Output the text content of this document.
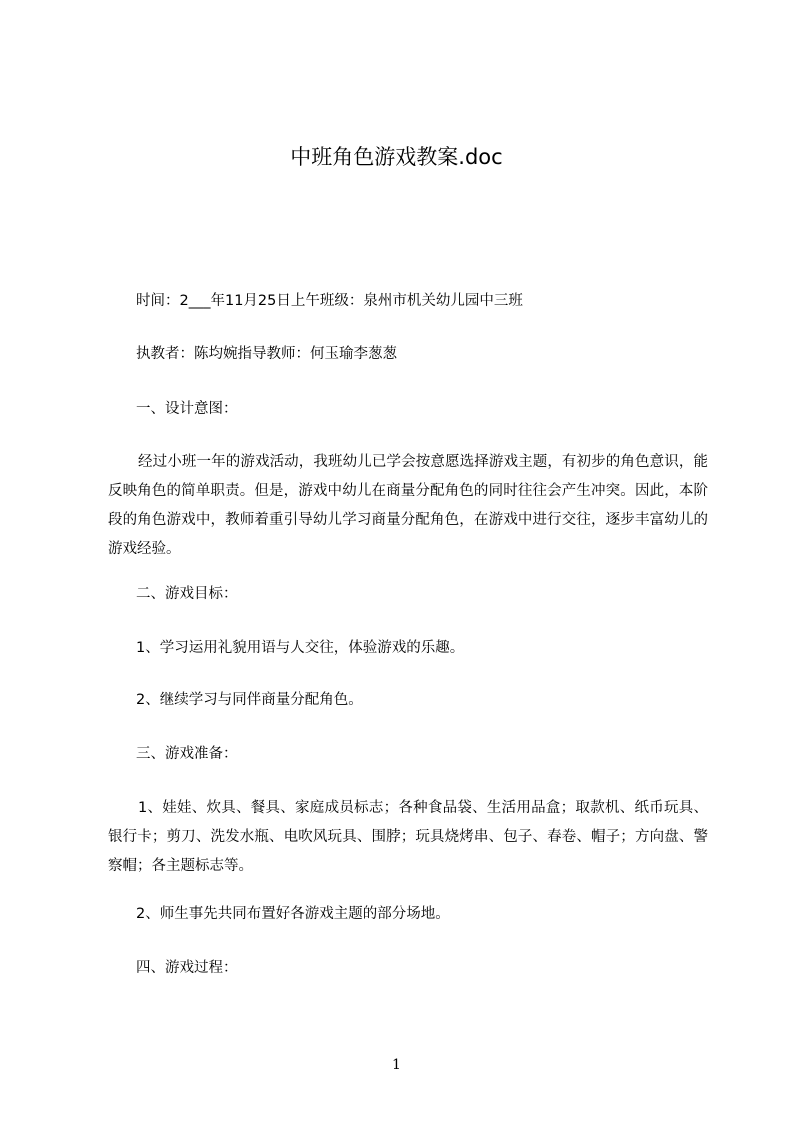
中班角色游戏教案.doc
时间：2___年11月25日上午班级：泉州市机关幼儿园中三班
执教者：陈均婉指导教师：何玉瑜李葱葱
一、设计意图：
经过小班一年的游戏活动，我班幼儿已学会按意愿选择游戏主题，有初步的角色意识，能反映角色的简单职责。但是，游戏中幼儿在商量分配角色的同时往往会产生冲突。因此，本阶段的角色游戏中，教师着重引导幼儿学习商量分配角色，在游戏中进行交往，逐步丰富幼儿的游戏经验。
二、游戏目标：
1、学习运用礼貌用语与人交往，体验游戏的乐趣。
2、继续学习与同伴商量分配角色。
三、游戏准备：
1、娃娃、炊具、餐具、家庭成员标志；各种食品袋、生活用品盒；取款机、纸币玩具、银行卡；剪刀、洗发水瓶、电吹风玩具、围脖；玩具烧烤串、包子、春卷、帽子；方向盘、警察帽；各主题标志等。
2、师生事先共同布置好各游戏主题的部分场地。
四、游戏过程：
1
